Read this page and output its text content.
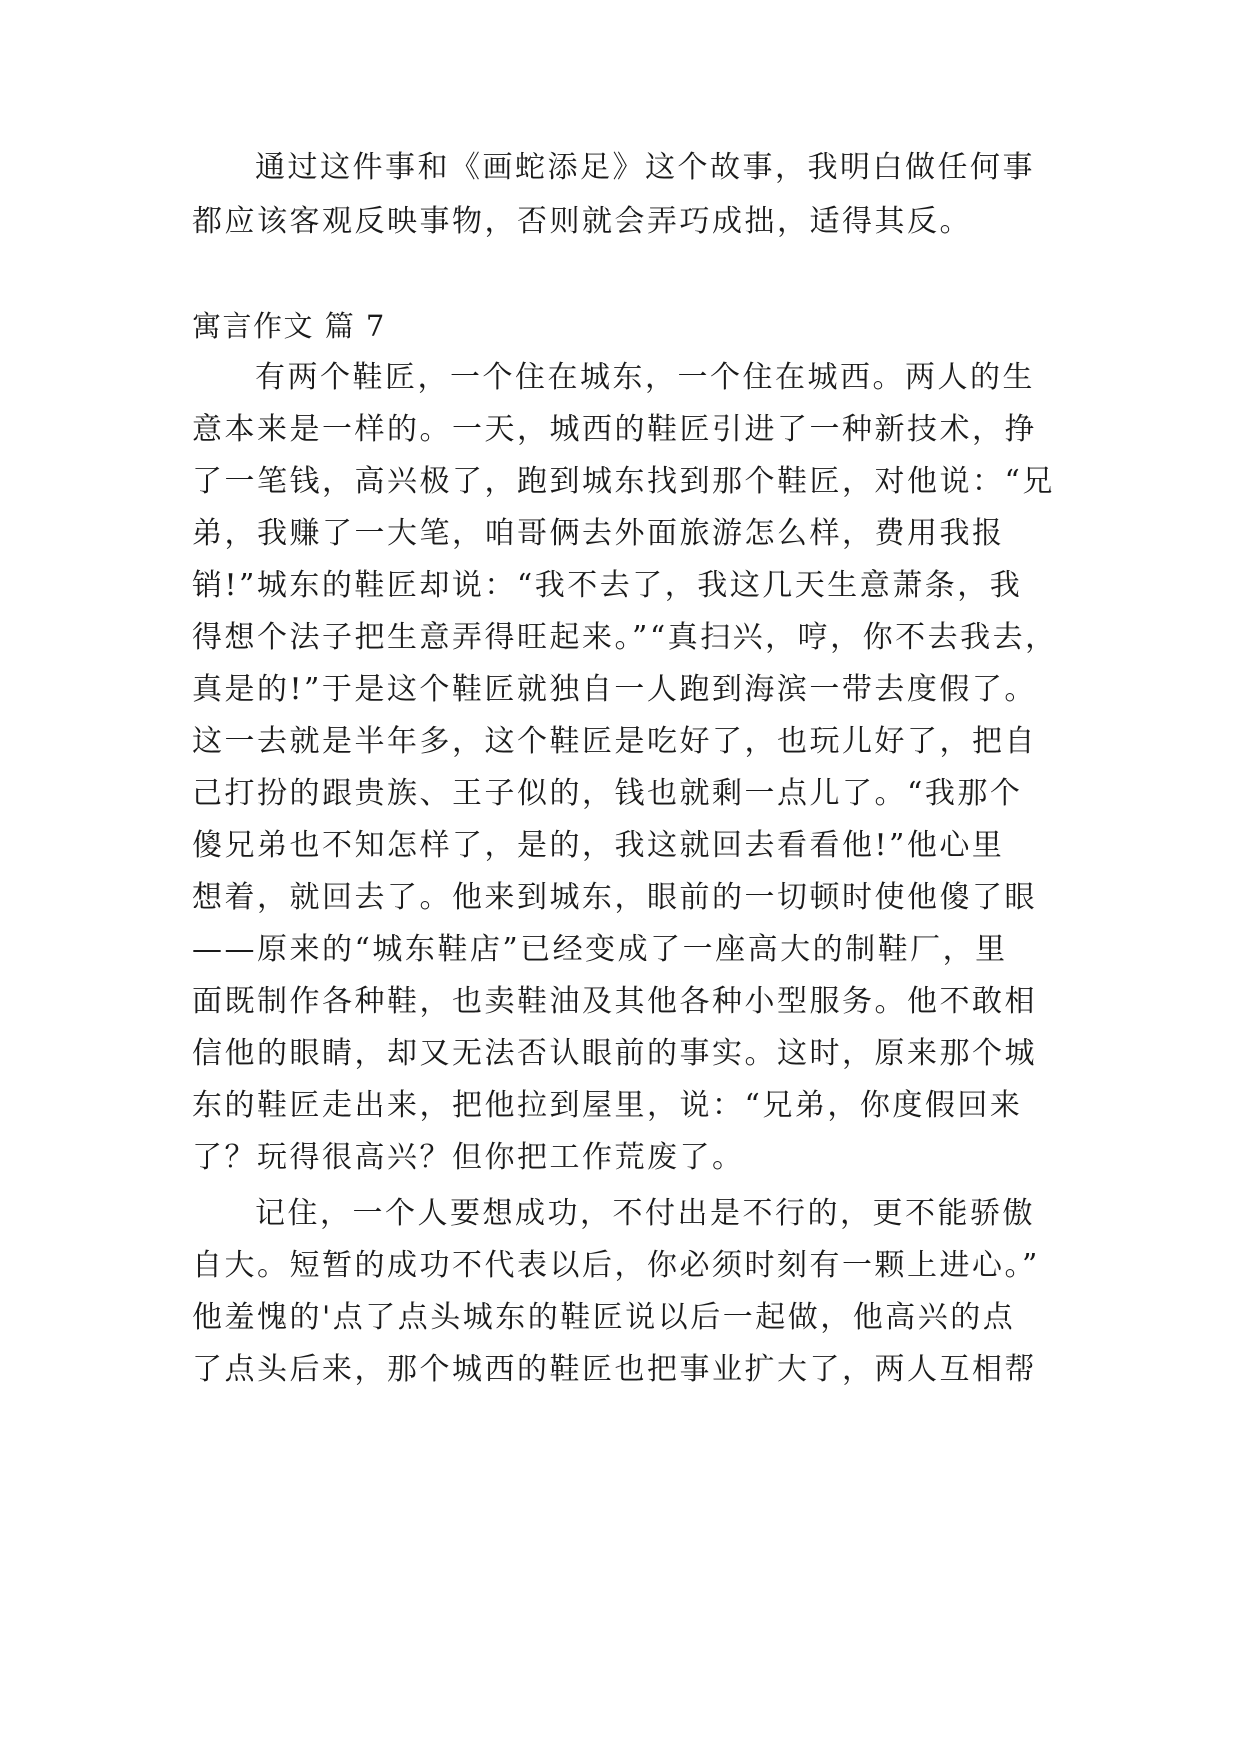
通过这件事和《画蛇添足》这个故事，我明白做任何事
都应该客观反映事物，否则就会弄巧成拙，适得其反。
寓言作文 篇 7
有两个鞋匠，一个住在城东，一个住在城西。两人的生
意本来是一样的。一天，城西的鞋匠引进了一种新技术，挣
了一笔钱，高兴极了，跑到城东找到那个鞋匠，对他说：“兄
弟，我赚了一大笔，咱哥俩去外面旅游怎么样，费用我报
销!”城东的鞋匠却说：“我不去了，我这几天生意萧条，我
得想个法子把生意弄得旺起来。”“真扫兴，哼，你不去我去，
真是的!”于是这个鞋匠就独自一人跑到海滨一带去度假了。
这一去就是半年多，这个鞋匠是吃好了，也玩儿好了，把自
己打扮的跟贵族、王子似的，钱也就剩一点儿了。“我那个
傻兄弟也不知怎样了，是的，我这就回去看看他!”他心里
想着，就回去了。他来到城东，眼前的一切顿时使他傻了眼
——原来的“城东鞋店”已经变成了一座高大的制鞋厂，里
面既制作各种鞋，也卖鞋油及其他各种小型服务。他不敢相
信他的眼睛，却又无法否认眼前的事实。这时，原来那个城
东的鞋匠走出来，把他拉到屋里，说：“兄弟，你度假回来
了？玩得很高兴？但你把工作荒废了。
记住，一个人要想成功，不付出是不行的，更不能骄傲
自大。短暂的成功不代表以后，你必须时刻有一颗上进心。”
他羞愧的'点了点头城东的鞋匠说以后一起做，他高兴的点
了点头后来，那个城西的鞋匠也把事业扩大了，两人互相帮
